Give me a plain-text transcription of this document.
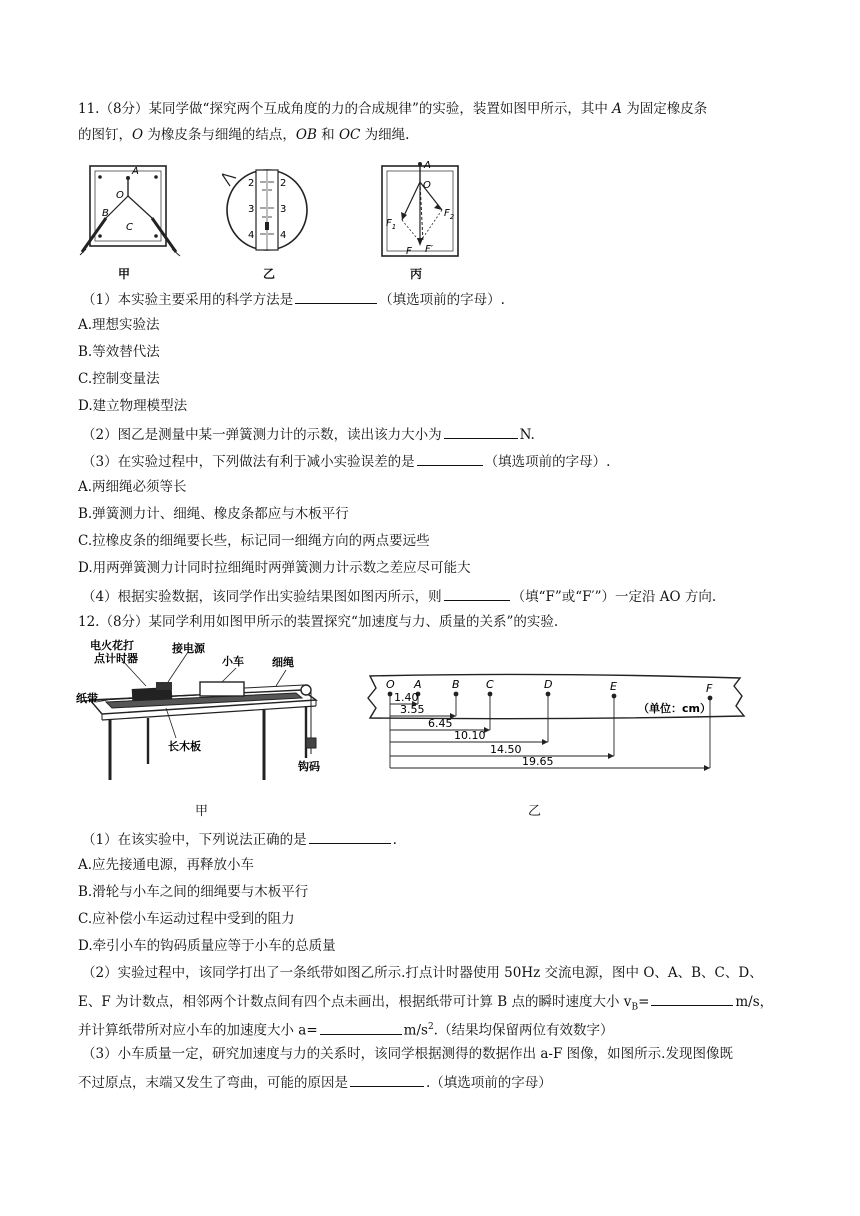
11.（8分）某同学做“探究两个互成角度的力的合成规律”的实验，装置如图甲所示，其中 A 为固定橡皮条
的图钉，O 为橡皮条与细绳的结点，OB 和 OC 为细绳.
A
O
B
C
甲
2
3
4
2
3
4
乙
A
O
$F_1$
$F_2$
F F′
丙
（1）本实验主要采用的科学方法是	（填选项前的字母）.
A.理想实验法
B.等效替代法
C.控制变量法
D.建立物理模型法
（2）图乙是测量中某一弹簧测力计的示数，读出该力大小为	N.
（3）在实验过程中，下列做法有利于减小实验误差的是	（填选项前的字母）.
A.两细绳必须等长
B.弹簧测力计、细绳、橡皮条都应与木板平行
C.拉橡皮条的细绳要长些，标记同一细绳方向的两点要远些
D.用两弹簧测力计同时拉细绳时两弹簧测力计示数之差应尽可能大
（4）根据实验数据，该同学作出实验结果图如图丙所示，则	（填“F”或“F′”）一定沿 AO 方向.
12.（8分）某同学利用如图甲所示的装置探究“加速度与力、质量的关系”的实验.
电火花打
点计时器
接电源
小车	细绳
纸带
长木板
钩码
O A	B C	D	E	F
（单位：cm）
1.40
3.55
6.45
10.10
14.50
19.65
甲	乙
（1）在该实验中，下列说法正确的是	.
A.应先接通电源，再释放小车
B.滑轮与小车之间的细绳要与木板平行
C.应补偿小车运动过程中受到的阻力
D.牵引小车的钩码质量应等于小车的总质量
（2）实验过程中，该同学打出了一条纸带如图乙所示.打点计时器使用 50Hz 交流电源，图中 O、A、B、C、D、
E、F 为计数点，相邻两个计数点间有四个点未画出，根据纸带可计算 B 点的瞬时速度大小 $v_B=$	m/s，
并计算纸带所对应小车的加速度大小 a=	$m/s^2$.（结果均保留两位有效数字）
（3）小车质量一定，研究加速度与力的关系时，该同学根据测得的数据作出 a-F 图像，如图所示.发现图像既
不过原点，末端又发生了弯曲，可能的原因是	.（填选项前的字母）
